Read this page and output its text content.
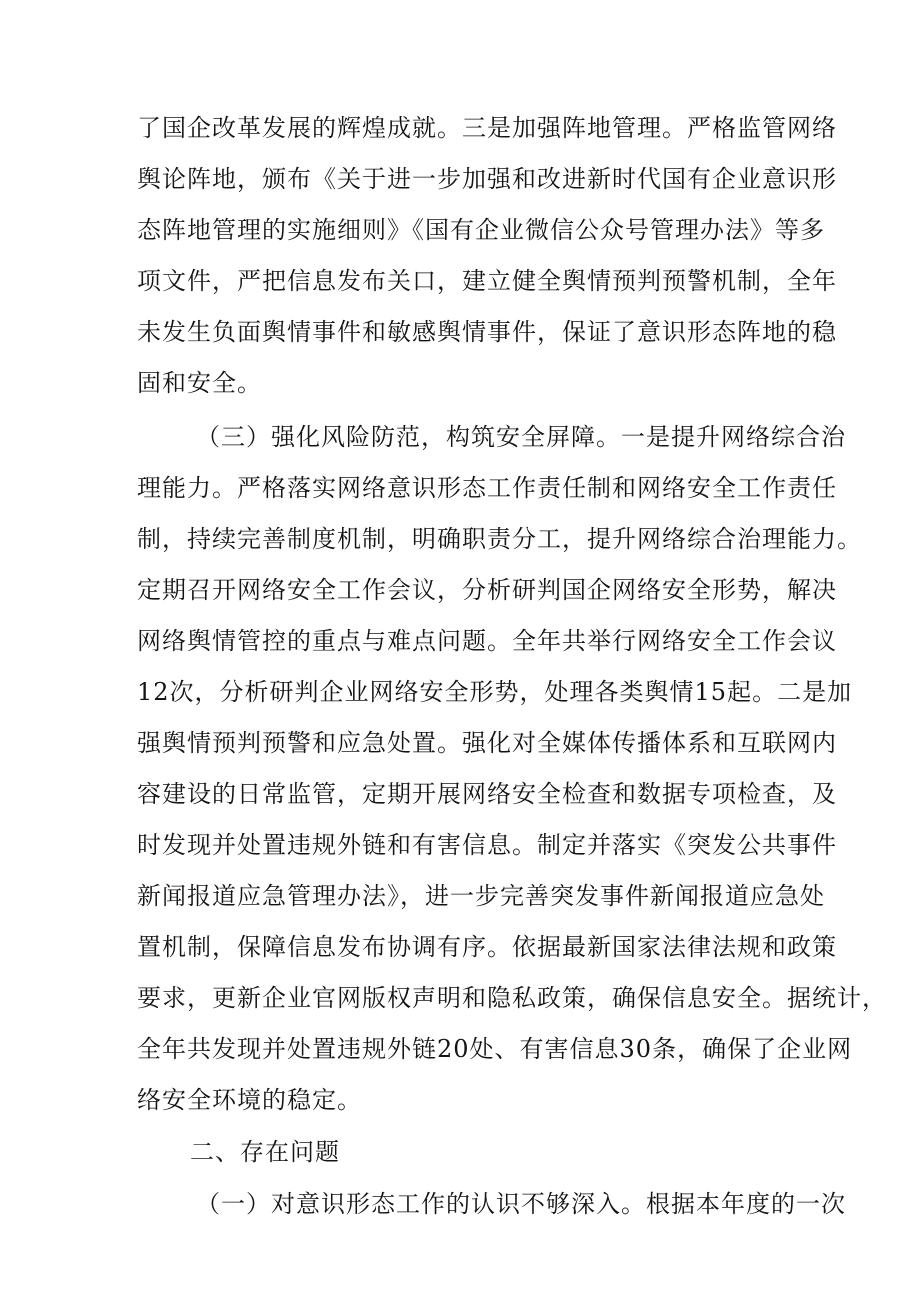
了国企改革发展的辉煌成就。三是加强阵地管理。严格监管网络
舆论阵地，颁布《关于进一步加强和改进新时代国有企业意识形
态阵地管理的实施细则》《国有企业微信公众号管理办法》等多
项文件，严把信息发布关口，建立健全舆情预判预警机制，全年
未发生负面舆情事件和敏感舆情事件，保证了意识形态阵地的稳
固和安全。
（三）强化风险防范，构筑安全屏障。一是提升网络综合治
理能力。严格落实网络意识形态工作责任制和网络安全工作责任
制，持续完善制度机制，明确职责分工，提升网络综合治理能力。
定期召开网络安全工作会议，分析研判国企网络安全形势，解决
网络舆情管控的重点与难点问题。全年共举行网络安全工作会议
12次，分析研判企业网络安全形势，处理各类舆情15起。二是加
强舆情预判预警和应急处置。强化对全媒体传播体系和互联网内
容建设的日常监管，定期开展网络安全检查和数据专项检查，及
时发现并处置违规外链和有害信息。制定并落实《突发公共事件
新闻报道应急管理办法》，进一步完善突发事件新闻报道应急处
置机制，保障信息发布协调有序。依据最新国家法律法规和政策
要求，更新企业官网版权声明和隐私政策，确保信息安全。据统计，
全年共发现并处置违规外链20处、有害信息30条，确保了企业网
络安全环境的稳定。
二、存在问题
（一）对意识形态工作的认识不够深入。根据本年度的一次
